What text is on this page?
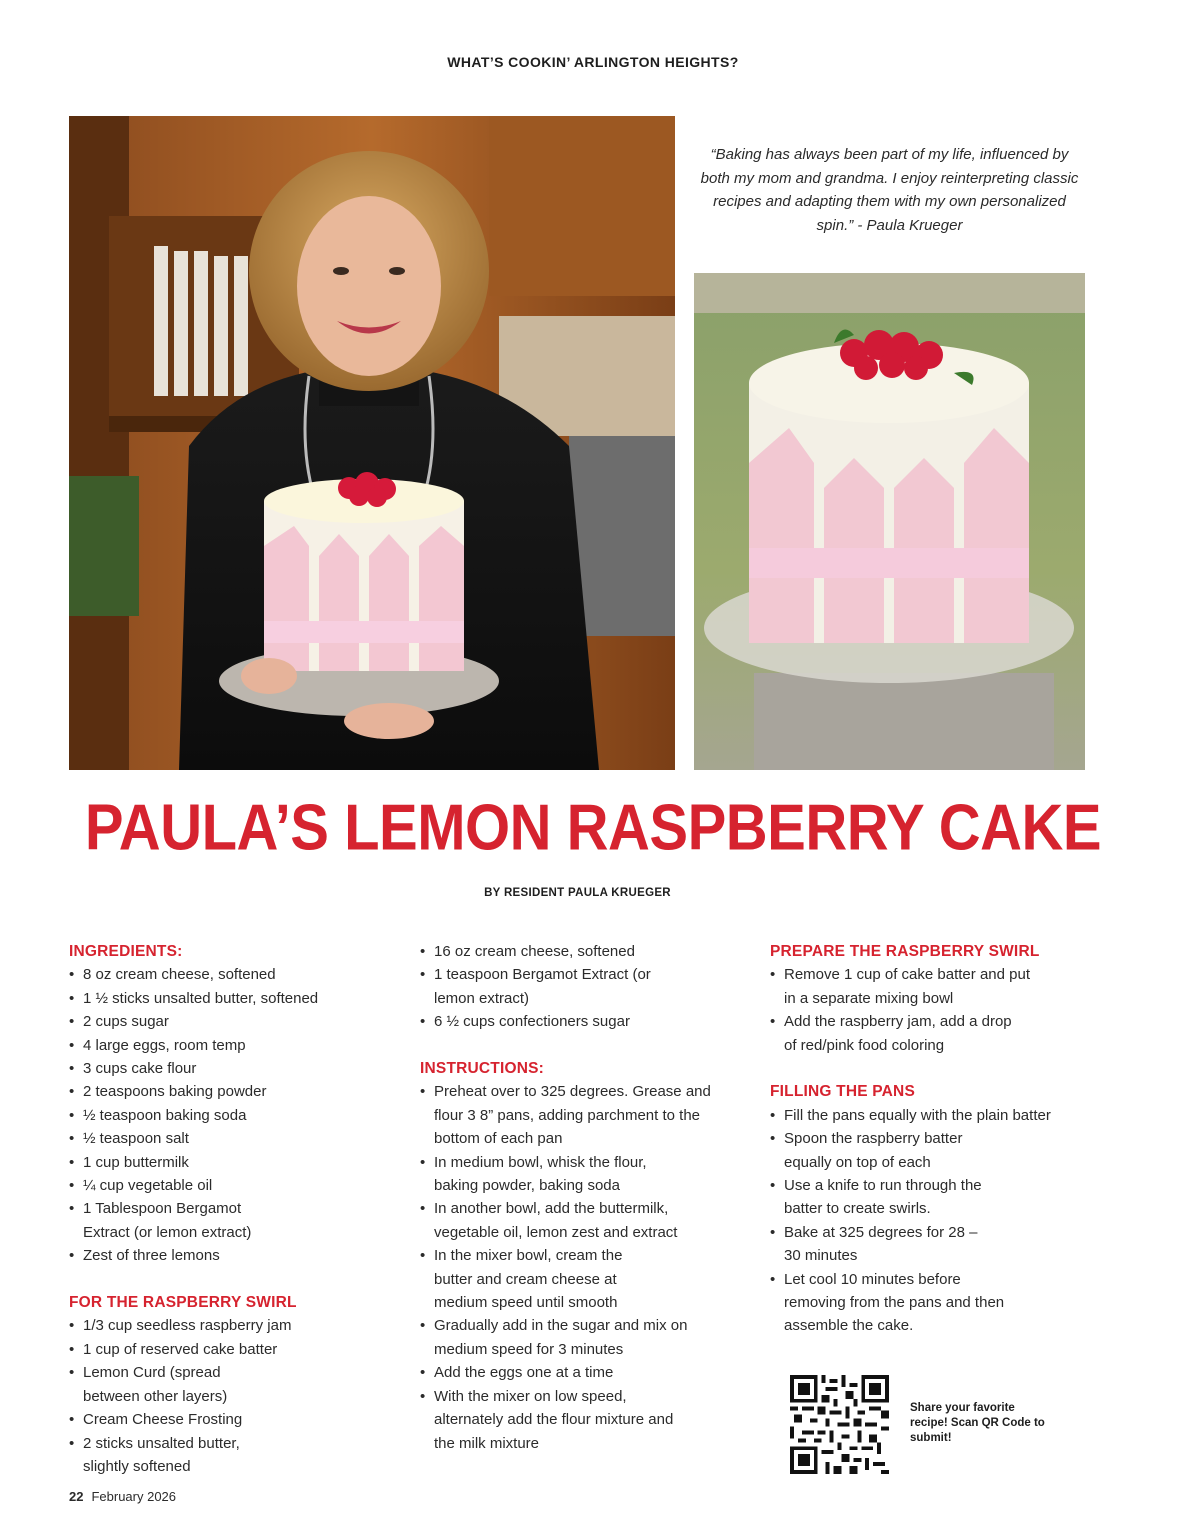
WHAT’S COOKIN’ ARLINGTON HEIGHTS?
“Baking has always been part of my life, influenced by both my mom and grandma. I enjoy reinterpreting classic recipes and adapting them with my own personalized spin.” - Paula Krueger
PAULA’S LEMON RASPBERRY CAKE
BY RESIDENT PAULA KRUEGER
INGREDIENTS:
• 8 oz cream cheese, softened
• 1 ½ sticks unsalted butter, softened
• 2 cups sugar
• 4 large eggs, room temp
• 3 cups cake flour
• 2 teaspoons baking powder
• ½ teaspoon baking soda
• ½ teaspoon salt
• 1 cup buttermilk
• ¼ cup vegetable oil
• 1 Tablespoon Bergamot Extract (or lemon extract)
• Zest of three lemons
FOR THE RASPBERRY SWIRL
• 1/3 cup seedless raspberry jam
• 1 cup of reserved cake batter
• Lemon Curd (spread between other layers)
• Cream Cheese Frosting
• 2 sticks unsalted butter, slightly softened
• 16 oz cream cheese, softened
• 1 teaspoon Bergamot Extract (or lemon extract)
• 6 ½ cups confectioners sugar
INSTRUCTIONS:
• Preheat over to 325 degrees. Grease and flour 3 8” pans, adding parchment to the bottom of each pan
• In medium bowl, whisk the flour, baking powder, baking soda
• In another bowl, add the buttermilk, vegetable oil, lemon zest and extract
• In the mixer bowl, cream the butter and cream cheese at medium speed until smooth
• Gradually add in the sugar and mix on medium speed for 3 minutes
• Add the eggs one at a time
• With the mixer on low speed, alternately add the flour mixture and the milk mixture
PREPARE THE RASPBERRY SWIRL
• Remove 1 cup of cake batter and put in a separate mixing bowl
• Add the raspberry jam, add a drop of red/pink food coloring
FILLING THE PANS
• Fill the pans equally with the plain batter
• Spoon the raspberry batter equally on top of each
• Use a knife to run through the batter to create swirls.
• Bake at 325 degrees for 28 – 30 minutes
• Let cool 10 minutes before removing from the pans and then assemble the cake.
Share your favorite recipe! Scan QR Code to submit!
22 February 2026
